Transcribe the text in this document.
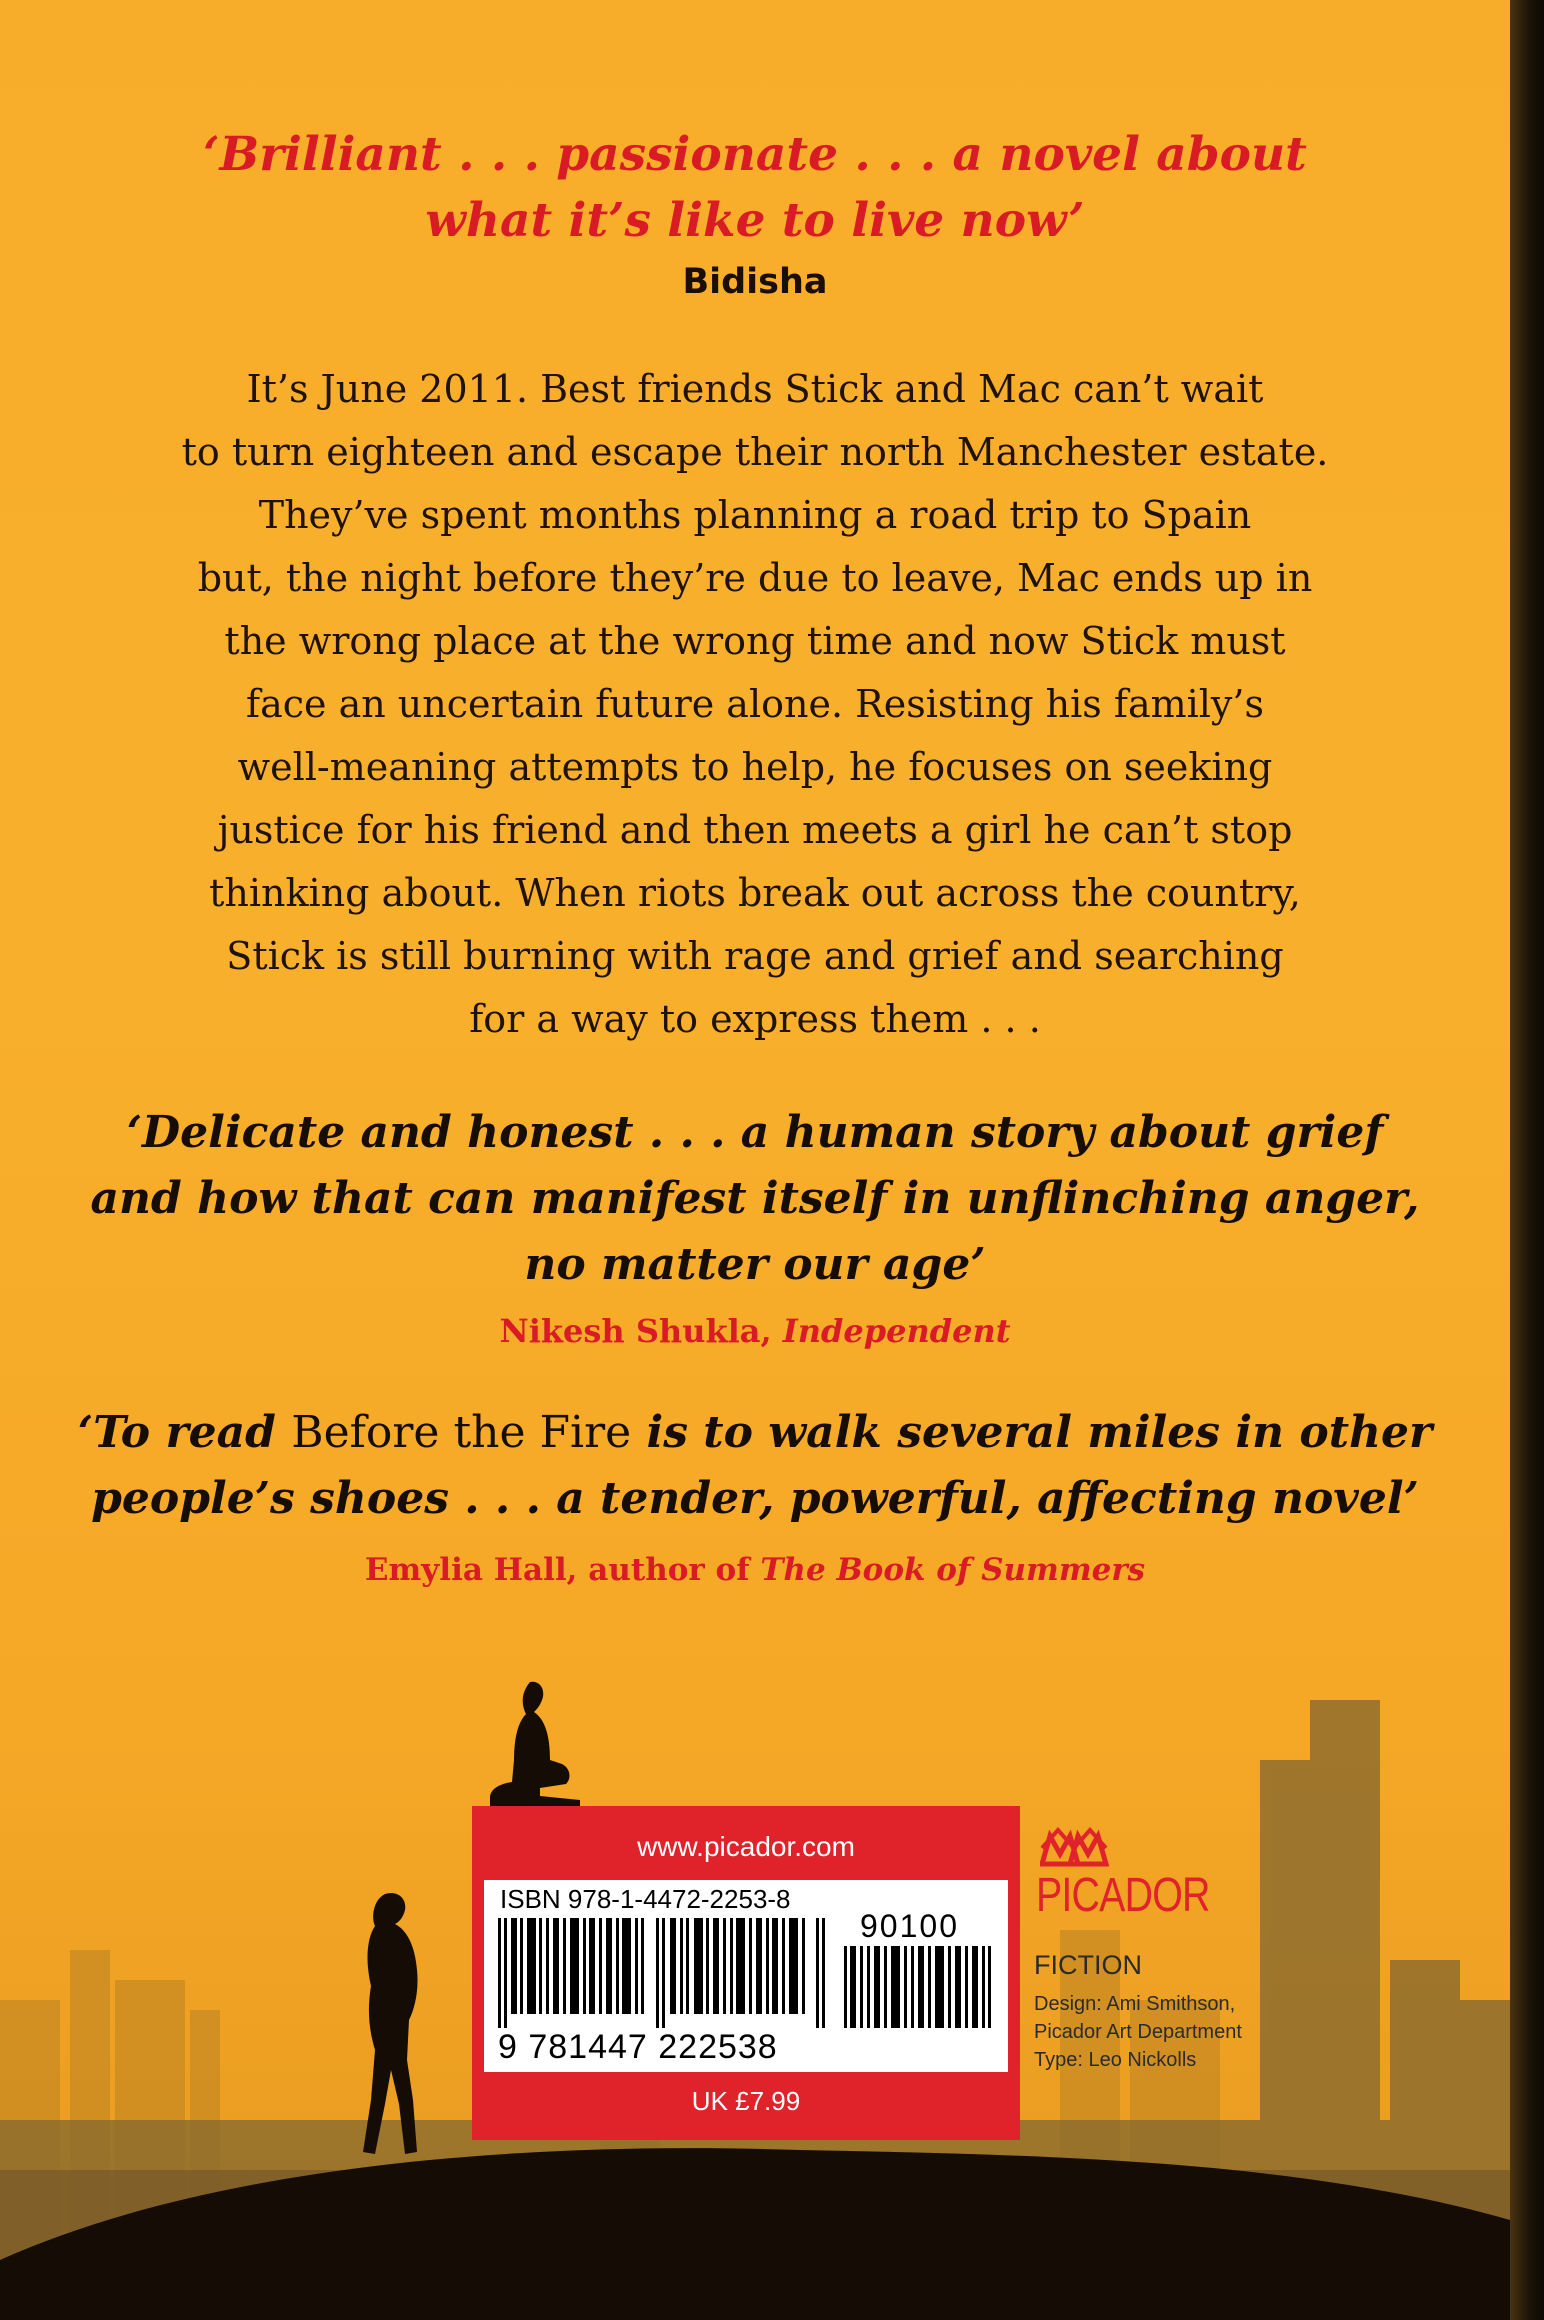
‘Brilliant . . . passionate . . . a novel about
what it’s like to live now’
Bidisha
It’s June 2011. Best friends Stick and Mac can’t wait
to turn eighteen and escape their north Manchester estate.
They’ve spent months planning a road trip to Spain
but, the night before they’re due to leave, Mac ends up in
the wrong place at the wrong time and now Stick must
face an uncertain future alone. Resisting his family’s
well-meaning attempts to help, he focuses on seeking
justice for his friend and then meets a girl he can’t stop
thinking about. When riots break out across the country,
Stick is still burning with rage and grief and searching
for a way to express them . . .
‘Delicate and honest . . . a human story about grief
and how that can manifest itself in unflinching anger,
no matter our age’
Nikesh Shukla, Independent
‘To read Before the Fire is to walk several miles in other
people’s shoes . . . a tender, powerful, affecting novel’
Emylia Hall, author of The Book of Summers
www.picador.com
ISBN 978-1-4472-2253-8
90100
9 781447 222538
UK £7.99
PICADOR
FICTION
Design: Ami Smithson,
Picador Art Department
Type: Leo Nickolls
